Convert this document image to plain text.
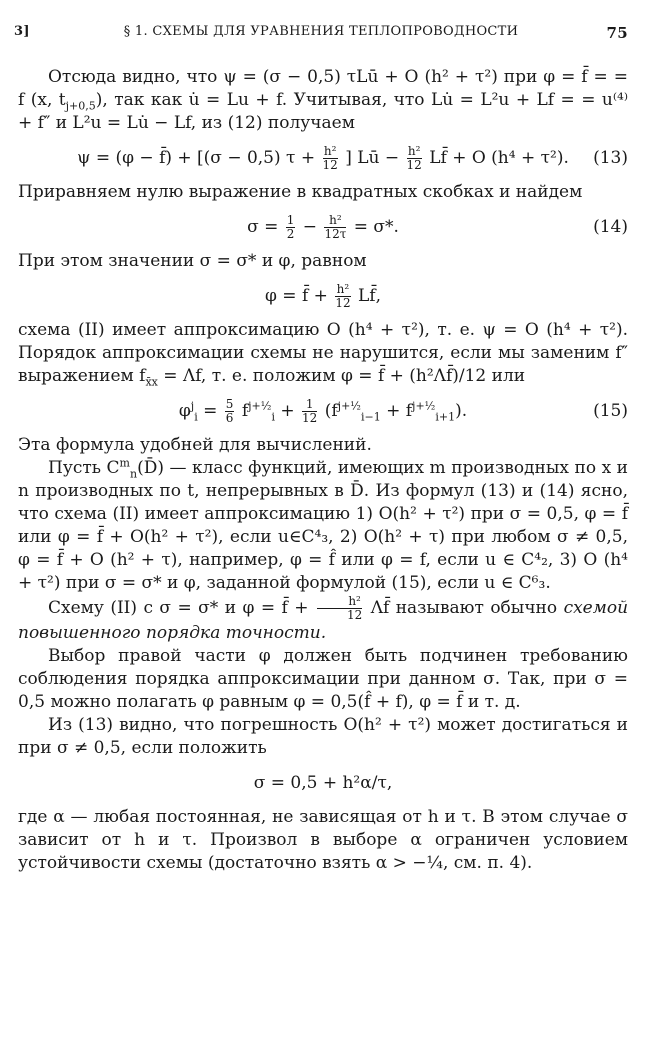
3]	§ 1. СХЕМЫ ДЛЯ УРАВНЕНИЯ ТЕПЛОПРОВОДНОСТИ	75

Отсюда видно, что ψ = (σ − 0,5) τLū + O (h² + τ²) при φ = f̄ = = f (x, $t_{j+0,5}$), так как u̇ = Lu + f. Учитывая, что Lu̇ = L²u + Lf = = u⁽⁴⁾ + f″ и L²u = Lu̇ − Lf, из (12) получаем

ψ = (φ − f̄) + [(σ − 0,5) $\tau + \frac{\text{h²}}{12}$ ] Lū − $\frac{\text{h²}}{12}$ Lf̄ + O (h⁴ + τ²). (13)

Приравняем нулю выражение в квадратных скобках и найдем

$\sigma = \frac{1}{2} - \frac{\text{h²}}{12\tau} = \sigma*$.	(14)

При этом значении σ = σ* и φ, равном

φ = f̄ + $\frac{\text{h²}}{12}$ Lf̄,

схема (II) имеет аппроксимацию O (h⁴ + τ²), т. е. ψ = O (h⁴ + τ²). Порядок аппроксимации схемы не нарушится, если мы заменим f″ выражением $f_{x̄x} = \Lambda f$, т. е. положим φ = f̄ + (h²Λf̄)/12 или

$\varphi^j_i = \frac{5}{6} f^{j+\frac{1}{2}}_i + \frac{1}{12} (f^{j+\frac{1}{2}}_{i-1} + f^{j+\frac{1}{2}}_{i+1})$.	(15)

Эта формула удобней для вычислений.

Пусть $C^m_n(D̄)$ — класс функций, имеющих m производных по x и n производных по t, непрерывных в D̄. Из формул (13) и (14) ясно, что схема (II) имеет аппроксимацию 1) O(h² + τ²) при σ = 0,5, φ = f̄ или φ = f̄ + O(h² + τ²), если u∈C⁴₃, 2) O(h² + τ) при любом σ ≠ 0,5, φ = f̄ + O (h² + τ), например, φ = f̂ или φ = f, если u ∈ C⁴₂, 3) O (h⁴ + τ²) при σ = σ* и φ, заданной формулой (15), если u ∈ C⁶₃.

Схему (II) с σ = σ* и φ = f̄ + $\frac{\text{h²}}{12}$ Λf̄ называют обычно схемой повышенного порядка точности.

Выбор правой части φ должен быть подчинен требованию соблюдения порядка аппроксимации при данном σ. Так, при σ = 0,5 можно полагать φ равным φ = 0,5(f̂ + f), φ = f̄ и т. д.

Из (13) видно, что погрешность O(h² + τ²) может достигаться и при σ ≠ 0,5, если положить

σ = 0,5 + h²α/τ,

где α — любая постоянная, не зависящая от h и τ. В этом случае σ зависит от h и τ. Произвол в выборе α ограничен условием устойчивости схемы (достаточно взять α > −¼, см. п. 4).
